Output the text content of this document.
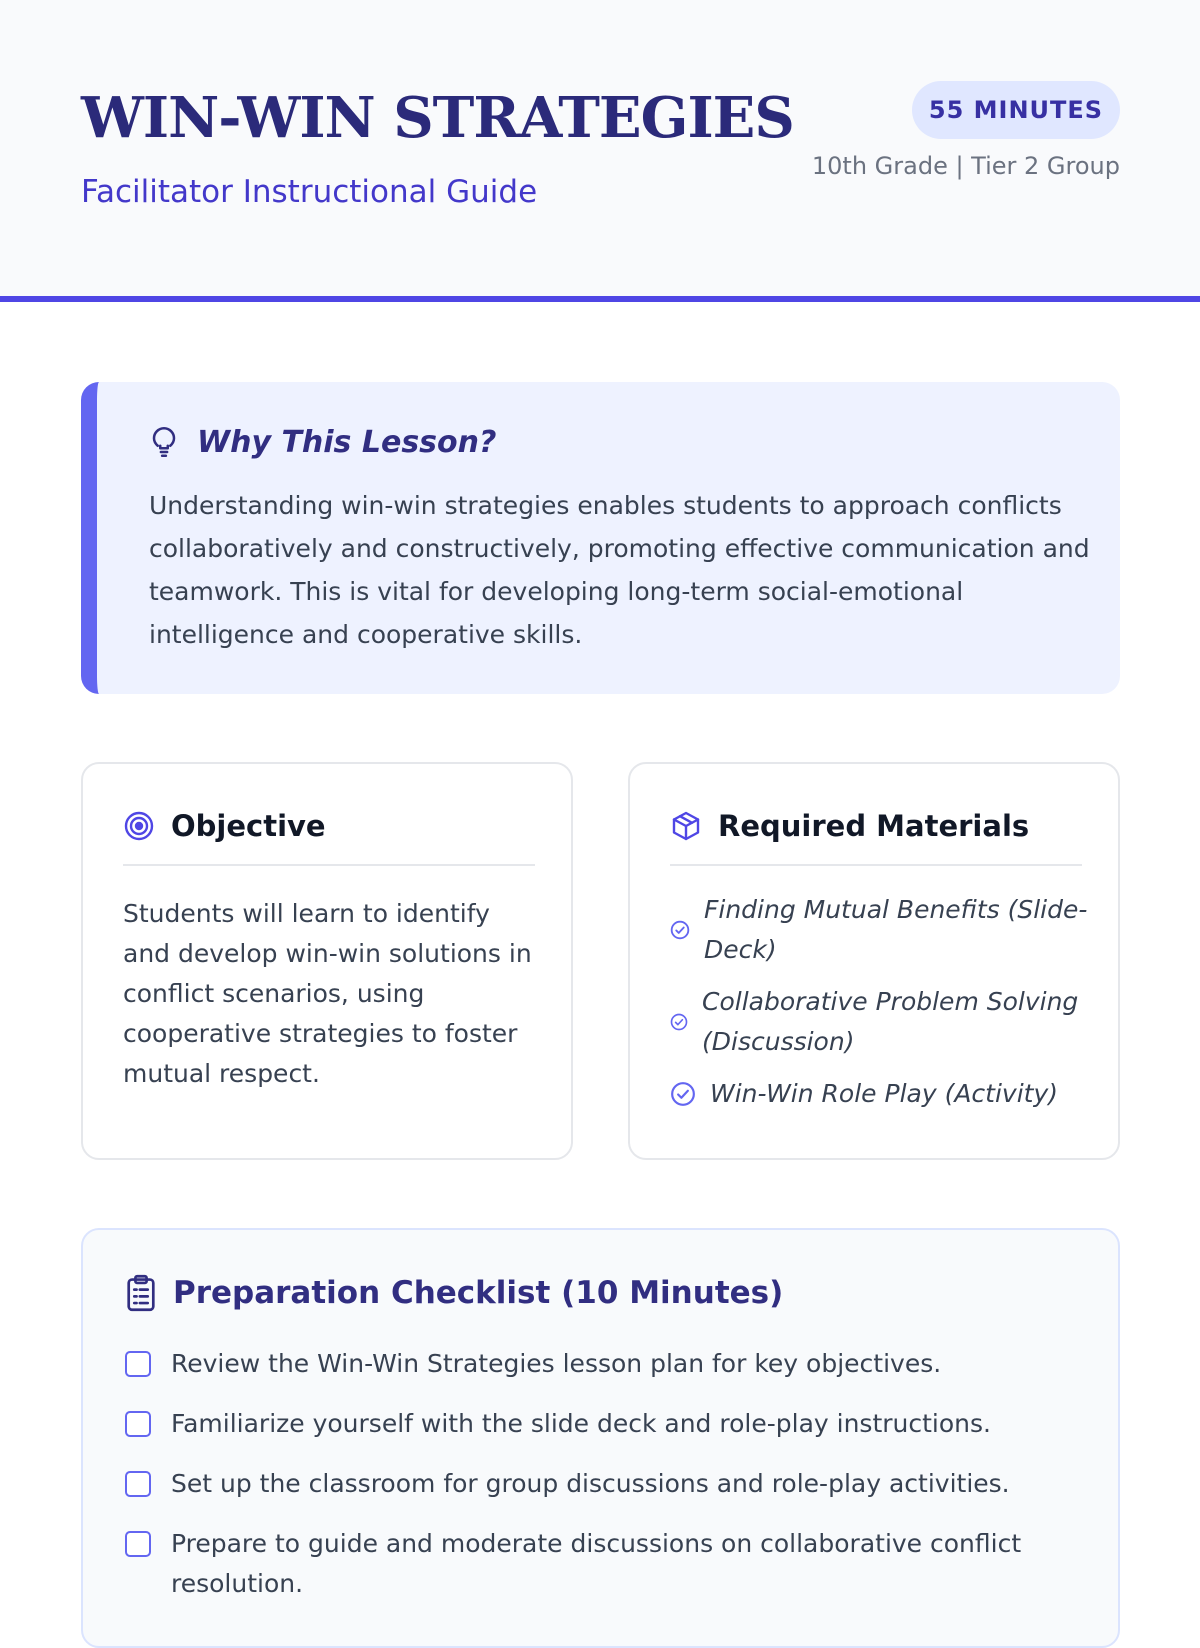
WIN-WIN STRATEGIES
Facilitator Instructional Guide
55 MINUTES
10th Grade | Tier 2 Group
Why This Lesson?

Understanding win-win strategies enables students to approach conflicts collaboratively and constructively, promoting effective communication and teamwork. This is vital for developing long-term social-emotional intelligence and cooperative skills.

Objective

Students will learn to identify and develop win-win solutions in conflict scenarios, using cooperative strategies to foster mutual respect.

Required Materials
Finding Mutual Benefits (Slide-Deck)
Collaborative Problem Solving (Discussion)
Win-Win Role Play (Activity)
Preparation Checklist (10 Minutes)
Review the Win-Win Strategies lesson plan for key objectives.
Familiarize yourself with the slide deck and role-play instructions.
Set up the classroom for group discussions and role-play activities.
Prepare to guide and moderate discussions on collaborative conflict resolution.
